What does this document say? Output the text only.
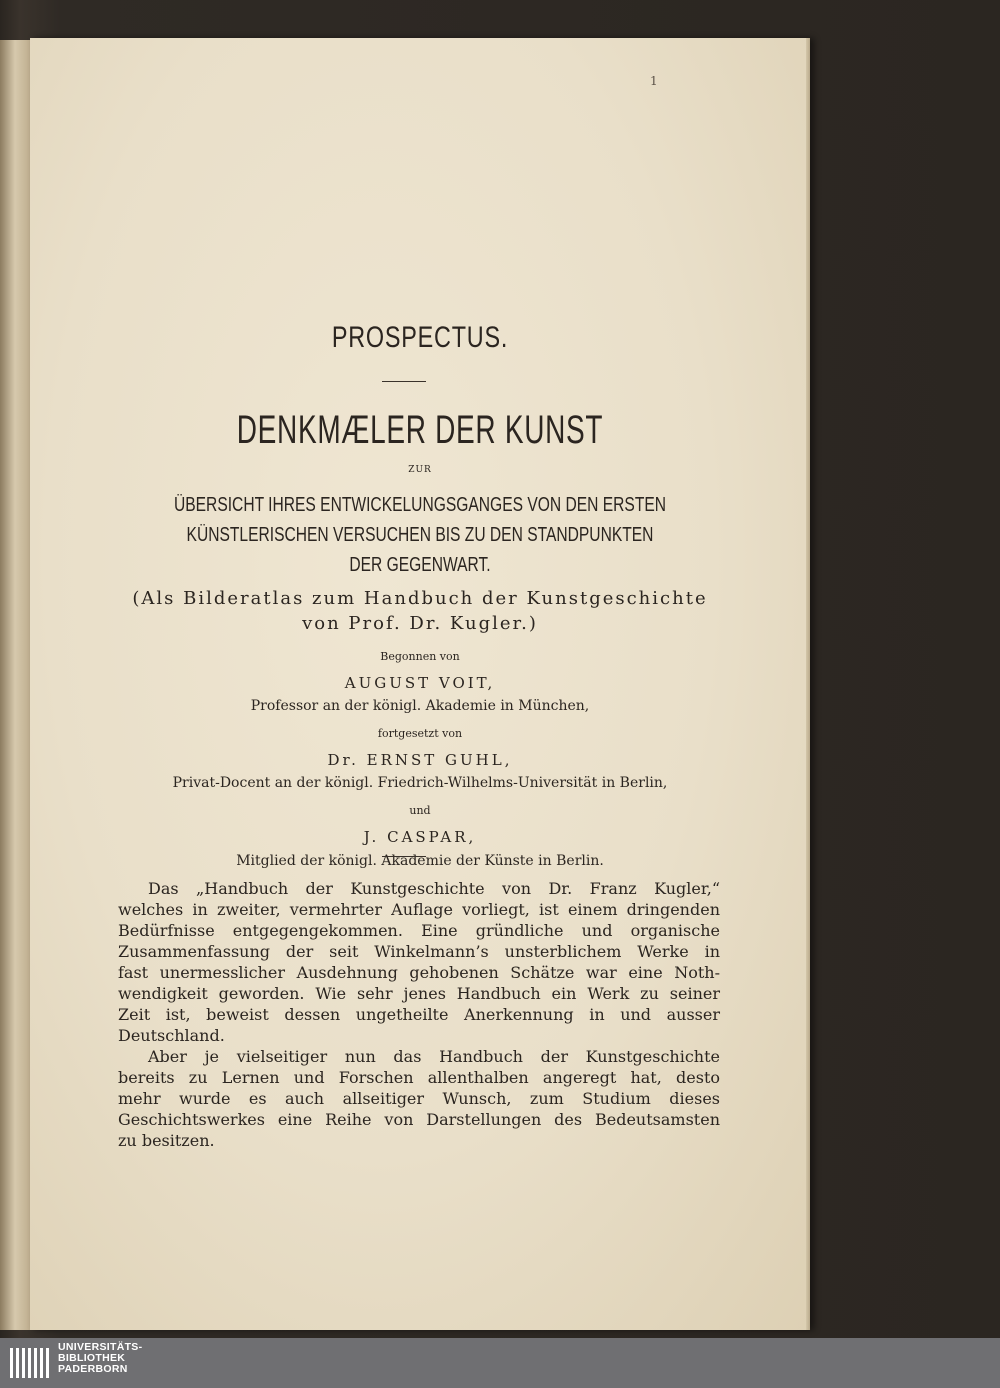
1
PROSPECTUS.
DENKMÆLER DER KUNST
ZUR
ÜBERSICHT IHRES ENTWICKELUNGSGANGES VON DEN ERSTEN
KÜNSTLERISCHEN VERSUCHEN BIS ZU DEN STANDPUNKTEN
DER GEGENWART.
(Als Bilderatlas zum Handbuch der Kunstgeschichte
von Prof. Dr. Kugler.)
Begonnen von
AUGUST VOIT,
Professor an der königl. Akademie in München,
fortgesetzt von
Dr. ERNST GUHL,
Privat-Docent an der königl. Friedrich-Wilhelms-Universität in Berlin,
und
J. CASPAR,
Mitglied der königl. Akademie der Künste in Berlin.

Das „Handbuch der Kunstgeschichte von Dr. Franz Kugler,“
welches in zweiter, vermehrter Auflage vorliegt, ist einem dringenden
Bedürfnisse entgegengekommen. Eine gründliche und organische
Zusammenfassung der seit Winkelmann’s unsterblichem Werke in
fast unermesslicher Ausdehnung gehobenen Schätze war eine Noth-
wendigkeit geworden. Wie sehr jenes Handbuch ein Werk zu seiner
Zeit ist, beweist dessen ungetheilte Anerkennung in und ausser
Deutschland.

Aber je vielseitiger nun das Handbuch der Kunstgeschichte
bereits zu Lernen und Forschen allenthalben angeregt hat, desto
mehr wurde es auch allseitiger Wunsch, zum Studium dieses
Geschichtswerkes eine Reihe von Darstellungen des Bedeutsamsten
zu besitzen.

UNIVERSITÄTS-
BIBLIOTHEK
PADERBORN
